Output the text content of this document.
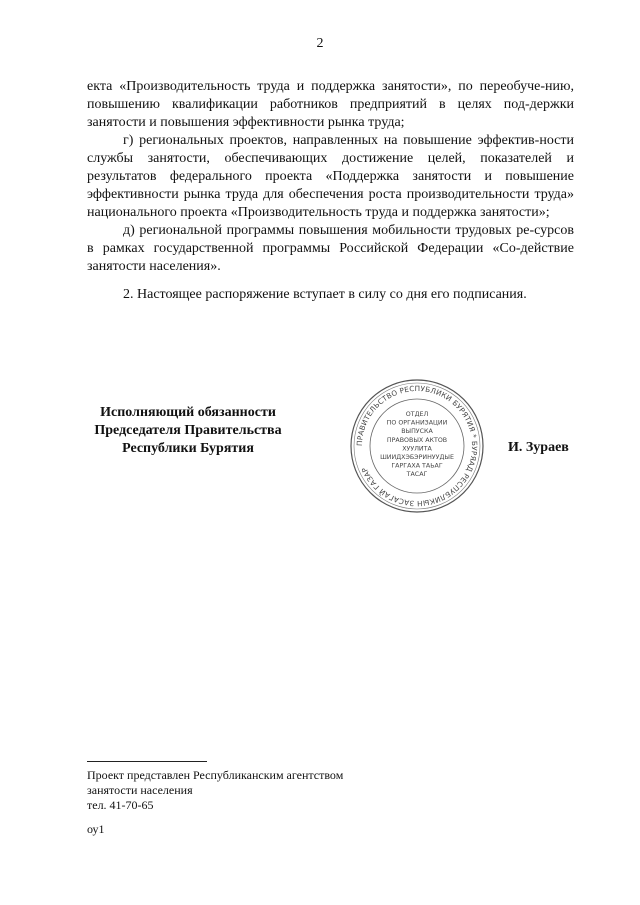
2

екта «Производительность труда и поддержка занятости», по переобуче-нию, повышению квалификации работников предприятий в целях под-держки занятости и повышения эффективности рынка труда;

г) региональных проектов, направленных на повышение эффектив-ности службы занятости, обеспечивающих достижение целей, показателей и результатов федерального проекта «Поддержка занятости и повышение эффективности рынка труда для обеспечения роста производительности труда» национального проекта «Производительность труда и поддержка занятости»;

д) региональной программы повышения мобильности трудовых ре-сурсов в рамках государственной программы Российской Федерации «Со-действие занятости населения».

2. Настоящее распоряжение вступает в силу со дня его подписания.

Исполняющий обязанности
Председателя Правительства
Республики Бурятия	ПРАВИТЕЛЬСТВО РЕСПУБЛИКИ БУРЯТИЯ * БУРЯАД РЕСПУБЛИКЫН ЗАСАГАЙ ГАЗАР
ОТДЕЛ
ПО ОРГАНИЗАЦИИ
ВЫПУСКА
ПРАВОВЫХ АКТОВ
ХУУЛИТА
ШИИДХЭБЭРИНУУДЫЕ
ГАРГАХА ТАЬАГ
ТАСАГ
И. Зураев
Проект представлен Республиканским агентством
занятости населения
тел. 41-70-65
оу1
